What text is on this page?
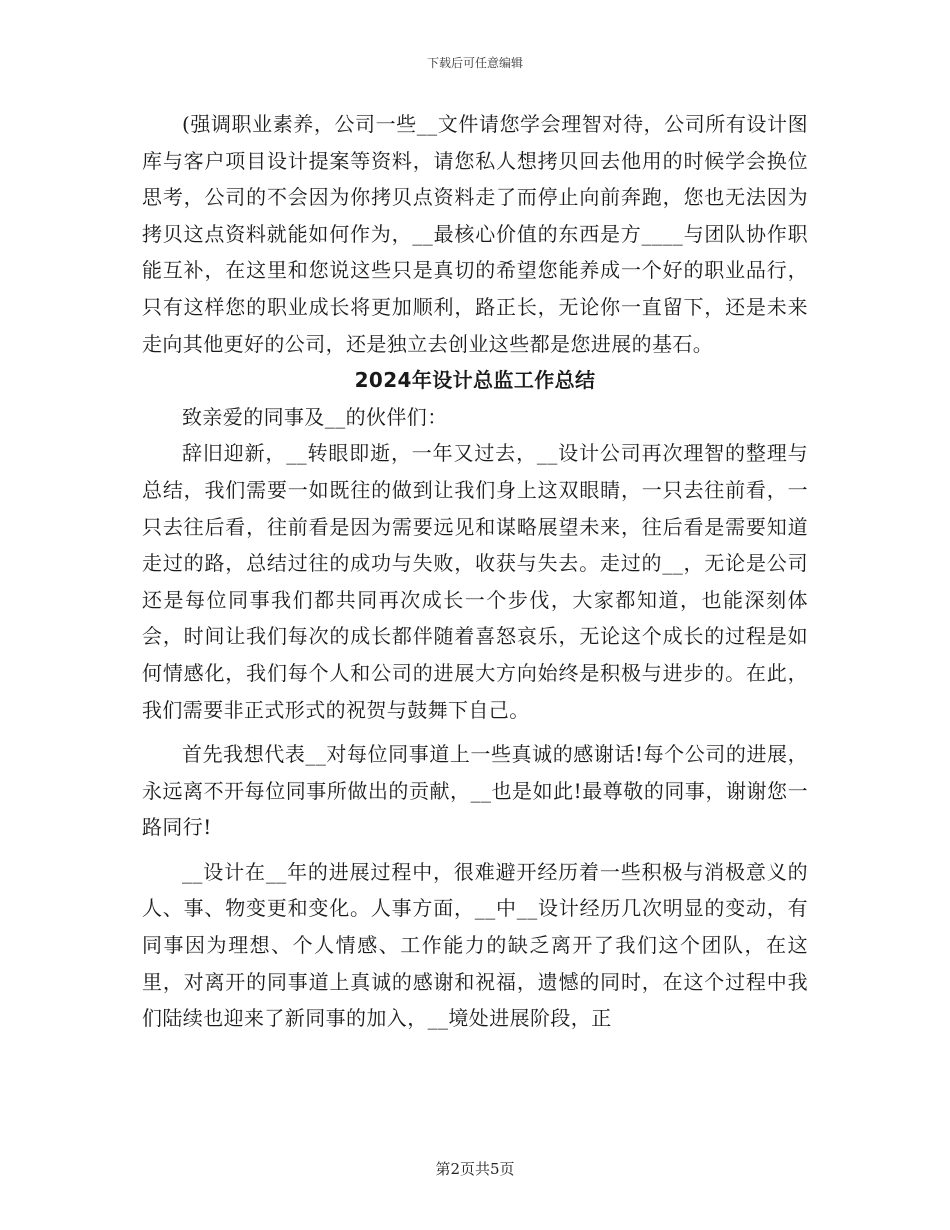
下载后可任意编辑

(强调职业素养，公司一些__文件请您学会理智对待，公司所有设计图库与客户项目设计提案等资料，请您私人想拷贝回去他用的时候学会换位思考，公司的不会因为你拷贝点资料走了而停止向前奔跑，您也无法因为拷贝这点资料就能如何作为，__最核心价值的东西是方____与团队协作职能互补，在这里和您说这些只是真切的希望您能养成一个好的职业品行，只有这样您的职业成长将更加顺利，路正长，无论你一直留下，还是未来走向其他更好的公司，还是独立去创业这些都是您进展的基石。

2024年设计总监工作总结

致亲爱的同事及__的伙伴们：

辞旧迎新，__转眼即逝，一年又过去，__设计公司再次理智的整理与总结，我们需要一如既往的做到让我们身上这双眼睛，一只去往前看，一只去往后看，往前看是因为需要远见和谋略展望未来，往后看是需要知道走过的路，总结过往的成功与失败，收获与失去。走过的__，无论是公司还是每位同事我们都共同再次成长一个步伐，大家都知道，也能深刻体会，时间让我们每次的成长都伴随着喜怒哀乐，无论这个成长的过程是如何情感化，我们每个人和公司的进展大方向始终是积极与进步的。在此，我们需要非正式形式的祝贺与鼓舞下自己。

首先我想代表__对每位同事道上一些真诚的感谢话!每个公司的进展，永远离不开每位同事所做出的贡献，__也是如此!最尊敬的同事，谢谢您一路同行!

__设计在__年的进展过程中，很难避开经历着一些积极与消极意义的人、事、物变更和变化。人事方面，__中__设计经历几次明显的变动，有同事因为理想、个人情感、工作能力的缺乏离开了我们这个团队，在这里，对离开的同事道上真诚的感谢和祝福，遗憾的同时，在这个过程中我们陆续也迎来了新同事的加入，__境处进展阶段，正

第2页共5页
